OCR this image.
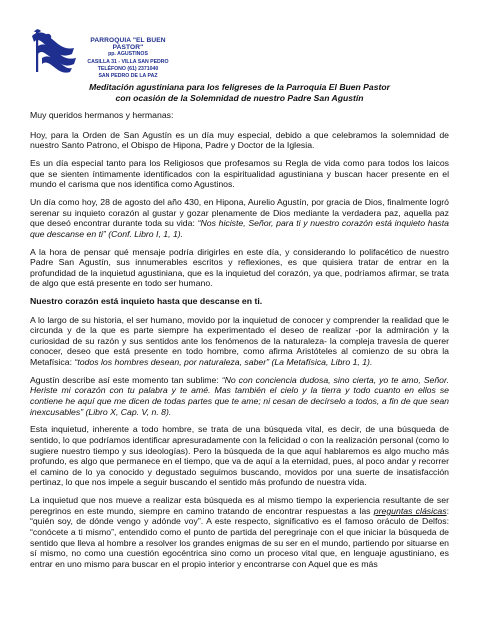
PARROQUIA "EL BUEN PASTOR"
pp. AGUSTINOS
CASILLA 31 - VILLA SAN PEDRO
TELÉFONO (61) 2371040
SAN PEDRO DE LA PAZ
Meditación agustiniana para los feligreses de la Parroquia El Buen Pastor
con ocasión de la Solemnidad de nuestro Padre San Agustín

Muy queridos hermanos y hermanas:

Hoy, para la Orden de San Agustín es un día muy especial, debido a que celebramos la solemnidad de nuestro Santo Patrono, el Obispo de Hipona, Padre y Doctor de la Iglesia.

Es un día especial tanto para los Religiosos que profesamos su Regla de vida como para todos los laicos que se sienten íntimamente identificados con la espiritualidad agustiniana y buscan hacer presente en el mundo el carisma que nos identifica como Agustinos.

Un día como hoy, 28 de agosto del año 430, en Hipona, Aurelio Agustín, por gracia de Dios, finalmente logró serenar su inquieto corazón al gustar y gozar plenamente de Dios mediante la verdadera paz, aquella paz que deseó encontrar durante toda su vida: “Nos hiciste, Señor, para ti y nuestro corazón está inquieto hasta que descanse en ti” (Conf. Libro I, 1, 1).

A la hora de pensar qué mensaje podría dirigirles en este día, y considerando lo polifacético de nuestro Padre San Agustín, sus innumerables escritos y reflexiones, es que quisiera tratar de entrar en la profundidad de la inquietud agustiniana, que es la inquietud del corazón, ya que, podríamos afirmar, se trata de algo que está presente en todo ser humano.

Nuestro corazón está inquieto hasta que descanse en ti.

A lo largo de su historia, el ser humano, movido por la inquietud de conocer y comprender la realidad que le circunda y de la que es parte siempre ha experimentado el deseo de realizar -por la admiración y la curiosidad de su razón y sus sentidos ante los fenómenos de la naturaleza- la compleja travesía de querer conocer, deseo que está presente en todo hombre, como afirma Aristóteles al comienzo de su obra la Metafísica: “todos los hombres desean, por naturaleza, saber” (La Metafísica, Libro 1, 1).

Agustín describe así este momento tan sublime: “No con conciencia dudosa, sino cierta, yo te amo, Señor. Heriste mi corazón con tu palabra y te amé. Mas también el cielo y la tierra y todo cuanto en ellos se contiene he aquí que me dicen de todas partes que te ame; ni cesan de decírselo a todos, a fin de que sean inexcusables” (Libro X, Cap. V, n. 8).

Esta inquietud, inherente a todo hombre, se trata de una búsqueda vital, es decir, de una búsqueda de sentido, lo que podríamos identificar apresuradamente con la felicidad o con la realización personal (como lo sugiere nuestro tiempo y sus ideologías). Pero la búsqueda de la que aquí hablaremos es algo mucho más profundo, es algo que permanece en el tiempo, que va de aquí a la eternidad, pues, al poco andar y recorrer el camino de lo ya conocido y degustado seguimos buscando, movidos por una suerte de insatisfacción pertinaz, lo que nos impele a seguir buscando el sentido más profundo de nuestra vida.

La inquietud que nos mueve a realizar esta búsqueda es al mismo tiempo la experiencia resultante de ser peregrinos en este mundo, siempre en camino tratando de encontrar respuestas a las preguntas clásicas: “quién soy, de dónde vengo y adónde voy”. A este respecto, significativo es el famoso oráculo de Delfos: “conócete a ti mismo”, entendido como el punto de partida del peregrinaje con el que iniciar la búsqueda de sentido que lleva al hombre a resolver los grandes enigmas de su ser en el mundo, partiendo por situarse en sí mismo, no como una cuestión egocéntrica sino como un proceso vital que, en lenguaje agustiniano, es entrar en uno mismo para buscar en el propio interior y encontrarse con Aquel que es más
